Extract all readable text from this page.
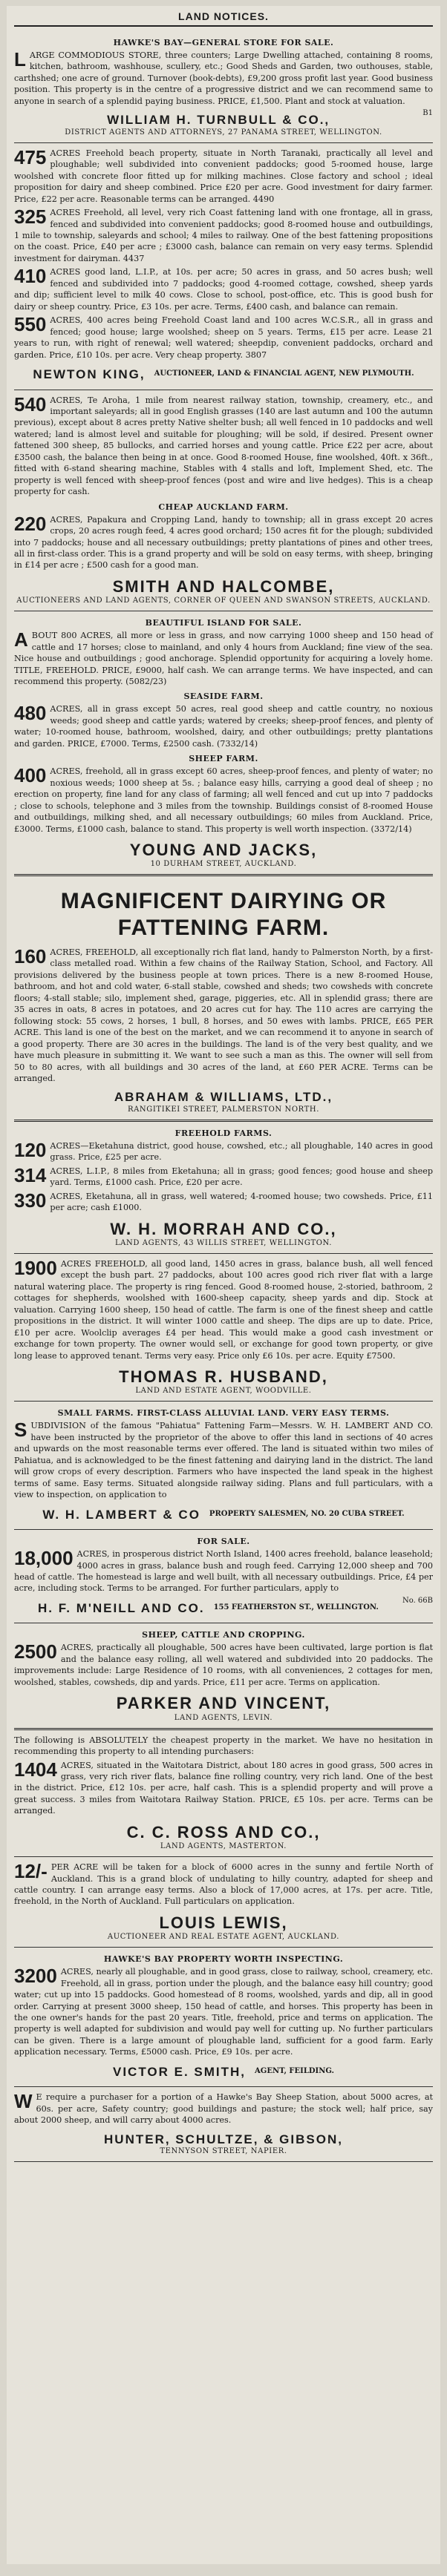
LAND NOTICES.
HAWKE'S BAY—GENERAL STORE FOR SALE.

LARGE COMMODIOUS STORE, three counters; Large Dwelling attached, containing 8 rooms, kitchen, bathroom, washhouse, scullery, etc.; Good Sheds and Garden, two outhouses, stable, carthshed; one acre of ground. Turnover (book-debts), £9,200 gross profit last year. Good business position. This property is in the centre of a progressive district and we can recommend same to anyone in search of a splendid paying business. PRICE, £1,500. Plant and stock at valuation.

B1
WILLIAM H. TURNBULL & CO.,
DISTRICT AGENTS AND ATTORNEYS, 27 PANAMA STREET, WELLINGTON.

475 ACRES Freehold beach property, situate in North Taranaki, practically all level and ploughable; well subdivided into convenient paddocks; good 5-roomed house, large woolshed with concrete floor fitted up for milking machines. Close factory and school ; ideal proposition for dairy and sheep combined. Price £20 per acre. Good investment for dairy farmer. Price, £22 per acre. Reasonable terms can be arranged. 4490

325 ACRES Freehold, all level, very rich Coast fattening land with one frontage, all in grass, fenced and subdivided into convenient paddocks; good 8-roomed house and outbuildings, 1 mile to township, saleyards and school; 4 miles to railway. One of the best fattening propositions on the coast. Price, £40 per acre ; £3000 cash, balance can remain on very easy terms. Splendid investment for dairyman. 4437

410 ACRES good land, L.I.P., at 10s. per acre; 50 acres in grass, and 50 acres bush; well fenced and subdivided into 7 paddocks; good 4-roomed cottage, cowshed, sheep yards and dip; sufficient level to milk 40 cows. Close to school, post-office, etc. This is good bush for dairy or sheep country. Price, £3 10s. per acre. Terms, £400 cash, and balance can remain.

550 ACRES, 400 acres being Freehold Coast land and 100 acres W.C.S.R., all in grass and fenced; good house; large woolshed; sheep on 5 years. Terms, £15 per acre. Lease 21 years to run, with right of renewal; well watered; sheepdip, convenient paddocks, orchard and garden. Price, £10 10s. per acre. Very cheap property. 3807

NEWTON KING, AUCTIONEER, LAND & FINANCIAL AGENT, NEW PLYMOUTH.

540 ACRES, Te Aroha, 1 mile from nearest railway station, township, creamery, etc., and important saleyards; all in good English grasses (140 are last autumn and 100 the autumn previous), except about 8 acres pretty Native shelter bush; all well fenced in 10 paddocks and well watered; land is almost level and suitable for ploughing; will be sold, if desired. Present owner fattened 300 sheep, 85 bullocks, and carried horses and young cattle. Price £22 per acre, about £3500 cash, the balance then being in at once. Good 8-roomed House, fine woolshed, 40ft. x 36ft., fitted with 6-stand shearing machine, Stables with 4 stalls and loft, Implement Shed, etc. The property is well fenced with sheep-proof fences (post and wire and live hedges). This is a cheap property for cash.

CHEAP AUCKLAND FARM.

220 ACRES, Papakura and Cropping Land, handy to township; all in grass except 20 acres crops, 20 acres rough feed, 4 acres good orchard; 150 acres fit for the plough; subdivided into 7 paddocks; house and all necessary outbuildings; pretty plantations of pines and other trees, all in first-class order. This is a grand property and will be sold on easy terms, with sheep, bringing in £14 per acre ; £500 cash for a good man.

SMITH AND HALCOMBE,
AUCTIONEERS AND LAND AGENTS, CORNER OF QUEEN AND SWANSON STREETS, AUCKLAND.
BEAUTIFUL ISLAND FOR SALE.

ABOUT 800 ACRES, all more or less in grass, and now carrying 1000 sheep and 150 head of cattle and 17 horses; close to mainland, and only 4 hours from Auckland; fine view of the sea. Nice house and outbuildings ; good anchorage. Splendid opportunity for acquiring a lovely home. TITLE, FREEHOLD. PRICE, £9000, half cash. We can arrange terms. We have inspected, and can recommend this property. (5082/23)

SEASIDE FARM.

480 ACRES, all in grass except 50 acres, real good sheep and cattle country, no noxious weeds; good sheep and cattle yards; watered by creeks; sheep-proof fences, and plenty of water; 10-roomed house, bathroom, woolshed, dairy, and other outbuildings; pretty plantations and garden. PRICE, £7000. Terms, £2500 cash. (7332/14)

SHEEP FARM.

400 ACRES, freehold, all in grass except 60 acres, sheep-proof fences, and plenty of water; no noxious weeds; 1000 sheep at 5s. ; balance easy hills, carrying a good deal of sheep ; no erection on property, fine land for any class of farming; all well fenced and cut up into 7 paddocks ; close to schools, telephone and 3 miles from the township. Buildings consist of 8-roomed House and outbuildings, milking shed, and all necessary outbuildings; 60 miles from Auckland. Price, £3000. Terms, £1000 cash, balance to stand. This property is well worth inspection. (3372/14)

YOUNG AND JACKS,
10 DURHAM STREET, AUCKLAND.
MAGNIFICENT DAIRYING OR FATTENING FARM.

160 ACRES, FREEHOLD, all exceptionally rich flat land, handy to Palmerston North, by a first-class metalled road. Within a few chains of the Railway Station, School, and Factory. All provisions delivered by the business people at town prices. There is a new 8-roomed House, bathroom, and hot and cold water, 6-stall stable, cowshed and sheds; two cowsheds with concrete floors; 4-stall stable; silo, implement shed, garage, piggeries, etc. All in splendid grass; there are 35 acres in oats, 8 acres in potatoes, and 20 acres cut for hay. The 110 acres are carrying the following stock: 55 cows, 2 horses, 1 bull, 8 horses, and 50 ewes with lambs. PRICE, £65 PER ACRE. This land is one of the best on the market, and we can recommend it to anyone in search of a good property. There are 30 acres in the buildings. The land is of the very best quality, and we have much pleasure in submitting it. We want to see such a man as this. The owner will sell from 50 to 80 acres, with all buildings and 30 acres of the land, at £60 PER ACRE. Terms can be arranged.

ABRAHAM & WILLIAMS, LTD.,
RANGITIKEI STREET, PALMERSTON NORTH.
FREEHOLD FARMS.

120 ACRES—Eketahuna district, good house, cowshed, etc.; all ploughable, 140 acres in good grass. Price, £25 per acre.

314 ACRES, L.I.P., 8 miles from Eketahuna; all in grass; good fences; good house and sheep yard. Terms, £1000 cash. Price, £20 per acre.

330 ACRES, Eketahuna, all in grass, well watered; 4-roomed house; two cowsheds. Price, £11 per acre; cash £1000.

W. H. MORRAH AND CO.,
LAND AGENTS, 43 WILLIS STREET, WELLINGTON.

1900 ACRES FREEHOLD, all good land, 1450 acres in grass, balance bush, all well fenced except the bush part. 27 paddocks, about 100 acres good rich river flat with a large natural watering place. The property is ring fenced. Good 8-roomed house, 2-storied, bathroom, 2 cottages for shepherds, woolshed with 1600-sheep capacity, sheep yards and dip. Stock at valuation. Carrying 1600 sheep, 150 head of cattle. The farm is one of the finest sheep and cattle propositions in the district. It will winter 1000 cattle and sheep. The dips are up to date. Price, £10 per acre. Woolclip averages £4 per head. This would make a good cash investment or exchange for town property. The owner would sell, or exchange for good town property, or give long lease to approved tenant. Terms very easy. Price only £6 10s. per acre. Equity £7500.

THOMAS R. HUSBAND,
LAND AND ESTATE AGENT, WOODVILLE.
SMALL FARMS. FIRST-CLASS ALLUVIAL LAND. VERY EASY TERMS.

SUBDIVISION of the famous "Pahiatua" Fattening Farm—Messrs. W. H. LAMBERT AND CO. have been instructed by the proprietor of the above to offer this land in sections of 40 acres and upwards on the most reasonable terms ever offered. The land is situated within two miles of Pahiatua, and is acknowledged to be the finest fattening and dairying land in the district. The land will grow crops of every description. Farmers who have inspected the land speak in the highest terms of same. Easy terms. Situated alongside railway siding. Plans and full particulars, with a view to inspection, on application to

W. H. LAMBERT & CO PROPERTY SALESMEN, NO. 20 CUBA STREET.
FOR SALE.

18,000 ACRES, in prosperous district North Island, 1400 acres freehold, balance leasehold; 4000 acres in grass, balance bush and rough feed. Carrying 12,000 sheep and 700 head of cattle. The homestead is large and well built, with all necessary outbuildings. Price, £4 per acre, including stock. Terms to be arranged. For further particulars, apply to

No. 66B
H. F. M'NEILL AND CO. 155 FEATHERSTON ST., WELLINGTON.
SHEEP, CATTLE AND CROPPING.

2500 ACRES, practically all ploughable, 500 acres have been cultivated, large portion is flat and the balance easy rolling, all well watered and subdivided into 20 paddocks. The improvements include: Large Residence of 10 rooms, with all conveniences, 2 cottages for men, woolshed, stables, cowsheds, dip and yards. Price, £11 per acre. Terms on application.

PARKER AND VINCENT,
LAND AGENTS, LEVIN.

The following is ABSOLUTELY the cheapest property in the market. We have no hesitation in recommending this property to all intending purchasers:

1404 ACRES, situated in the Waitotara District, about 180 acres in good grass, 500 acres in grass, very rich river flats, balance fine rolling country, very rich land. One of the best in the district. Price, £12 10s. per acre, half cash. This is a splendid property and will prove a great success. 3 miles from Waitotara Railway Station. PRICE, £5 10s. per acre. Terms can be arranged.

C. C. ROSS AND CO.,
LAND AGENTS, MASTERTON.

12/- PER ACRE will be taken for a block of 6000 acres in the sunny and fertile North of Auckland. This is a grand block of undulating to hilly country, adapted for sheep and cattle country. I can arrange easy terms. Also a block of 17,000 acres, at 17s. per acre. Title, freehold, in the North of Auckland. Full particulars on application.

LOUIS LEWIS,
AUCTIONEER AND REAL ESTATE AGENT, AUCKLAND.
HAWKE'S BAY PROPERTY WORTH INSPECTING.

3200 ACRES, nearly all ploughable, and in good grass, close to railway, school, creamery, etc. Freehold, all in grass, portion under the plough, and the balance easy hill country; good water; cut up into 15 paddocks. Good homestead of 8 rooms, woolshed, yards and dip, all in good order. Carrying at present 3000 sheep, 150 head of cattle, and horses. This property has been in the one owner's hands for the past 20 years. Title, freehold, price and terms on application. The property is well adapted for subdivision and would pay well for cutting up. No further particulars can be given. There is a large amount of ploughable land, sufficient for a good farm. Early application necessary. Terms, £5000 cash. Price, £9 10s. per acre.

VICTOR E. SMITH, AGENT, FEILDING.

W E require a purchaser for a portion of a Hawke's Bay Sheep Station, about 5000 acres, at 60s. per acre, Safety country; good buildings and pasture; the stock well; half price, say about 2000 sheep, and will carry about 4000 acres.

HUNTER, SCHULTZE, & GIBSON,
TENNYSON STREET, NAPIER.
